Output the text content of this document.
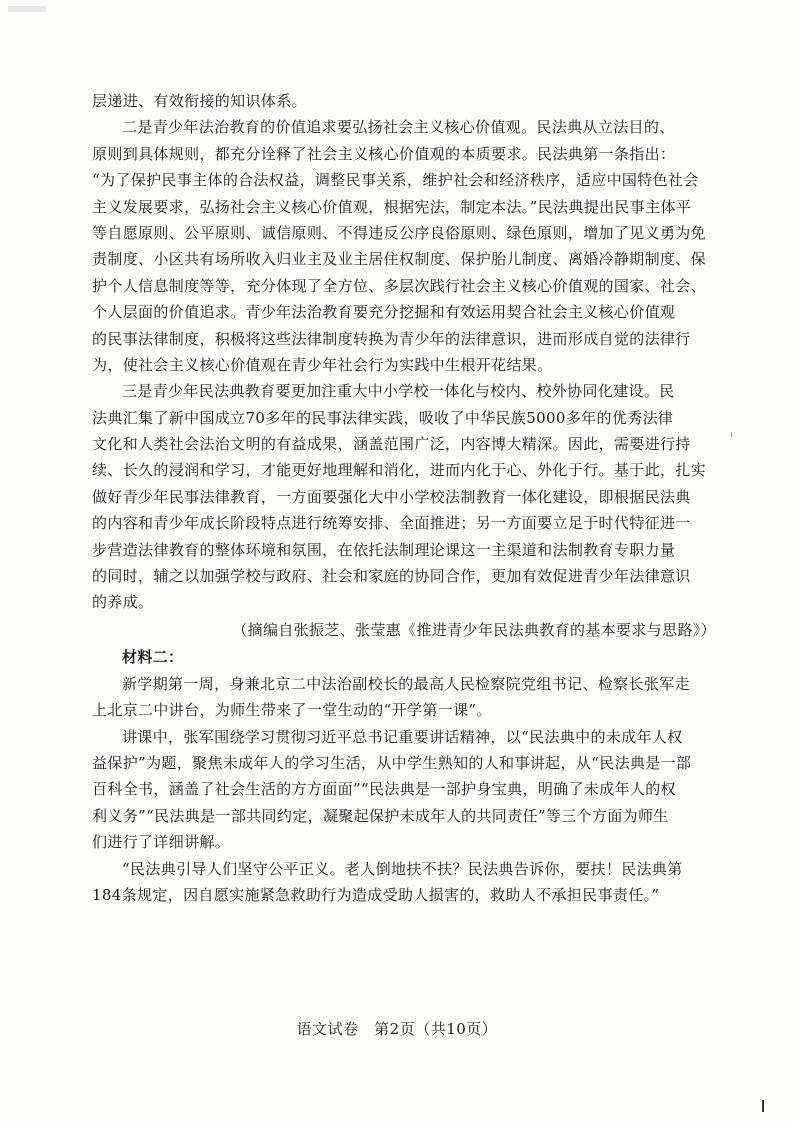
层递进、有效衔接的知识体系。

二是青少年法治教育的价值追求要弘扬社会主义核心价值观。民法典从立法目的、

原则到具体规则，都充分诠释了社会主义核心价值观的本质要求。民法典第一条指出：

“为了保护民事主体的合法权益，调整民事关系，维护社会和经济秩序，适应中国特色社会

主义发展要求，弘扬社会主义核心价值观，根据宪法，制定本法。”民法典提出民事主体平

等自愿原则、公平原则、诚信原则、不得违反公序良俗原则、绿色原则，增加了见义勇为免

责制度、小区共有场所收入归业主及业主居住权制度、保护胎儿制度、离婚冷静期制度、保

护个人信息制度等等，充分体现了全方位、多层次践行社会主义核心价值观的国家、社会、

个人层面的价值追求。青少年法治教育要充分挖掘和有效运用契合社会主义核心价值观

的民事法律制度，积极将这些法律制度转换为青少年的法律意识，进而形成自觉的法律行

为，使社会主义核心价值观在青少年社会行为实践中生根开花结果。

三是青少年民法典教育要更加注重大中小学校一体化与校内、校外协同化建设。民

法典汇集了新中国成立70多年的民事法律实践，吸收了中华民族5000多年的优秀法律

文化和人类社会法治文明的有益成果，涵盖范围广泛，内容博大精深。因此，需要进行持

续、长久的浸润和学习，才能更好地理解和消化，进而内化于心、外化于行。基于此，扎实

做好青少年民事法律教育，一方面要强化大中小学校法制教育一体化建设，即根据民法典

的内容和青少年成长阶段特点进行统筹安排、全面推进；另一方面要立足于时代特征进一

步营造法律教育的整体环境和氛围，在依托法制理论课这一主渠道和法制教育专职力量

的同时，辅之以加强学校与政府、社会和家庭的协同合作，更加有效促进青少年法律意识

的养成。

（摘编自张振芝、张莹惠《推进青少年民法典教育的基本要求与思路》）

材料二：

新学期第一周，身兼北京二中法治副校长的最高人民检察院党组书记、检察长张军走

上北京二中讲台，为师生带来了一堂生动的“开学第一课”。

讲课中，张军围绕学习贯彻习近平总书记重要讲话精神，以“民法典中的未成年人权

益保护”为题，聚焦未成年人的学习生活，从中学生熟知的人和事讲起，从“民法典是一部

百科全书，涵盖了社会生活的方方面面”“民法典是一部护身宝典，明确了未成年人的权

利义务”“民法典是一部共同约定，凝聚起保护未成年人的共同责任”等三个方面为师生

们进行了详细讲解。

“民法典引导人们坚守公平正义。老人倒地扶不扶？民法典告诉你，要扶！民法典第

184条规定，因自愿实施紧急救助行为造成受助人损害的，救助人不承担民事责任。”

语文试卷　第2页（共10页）
